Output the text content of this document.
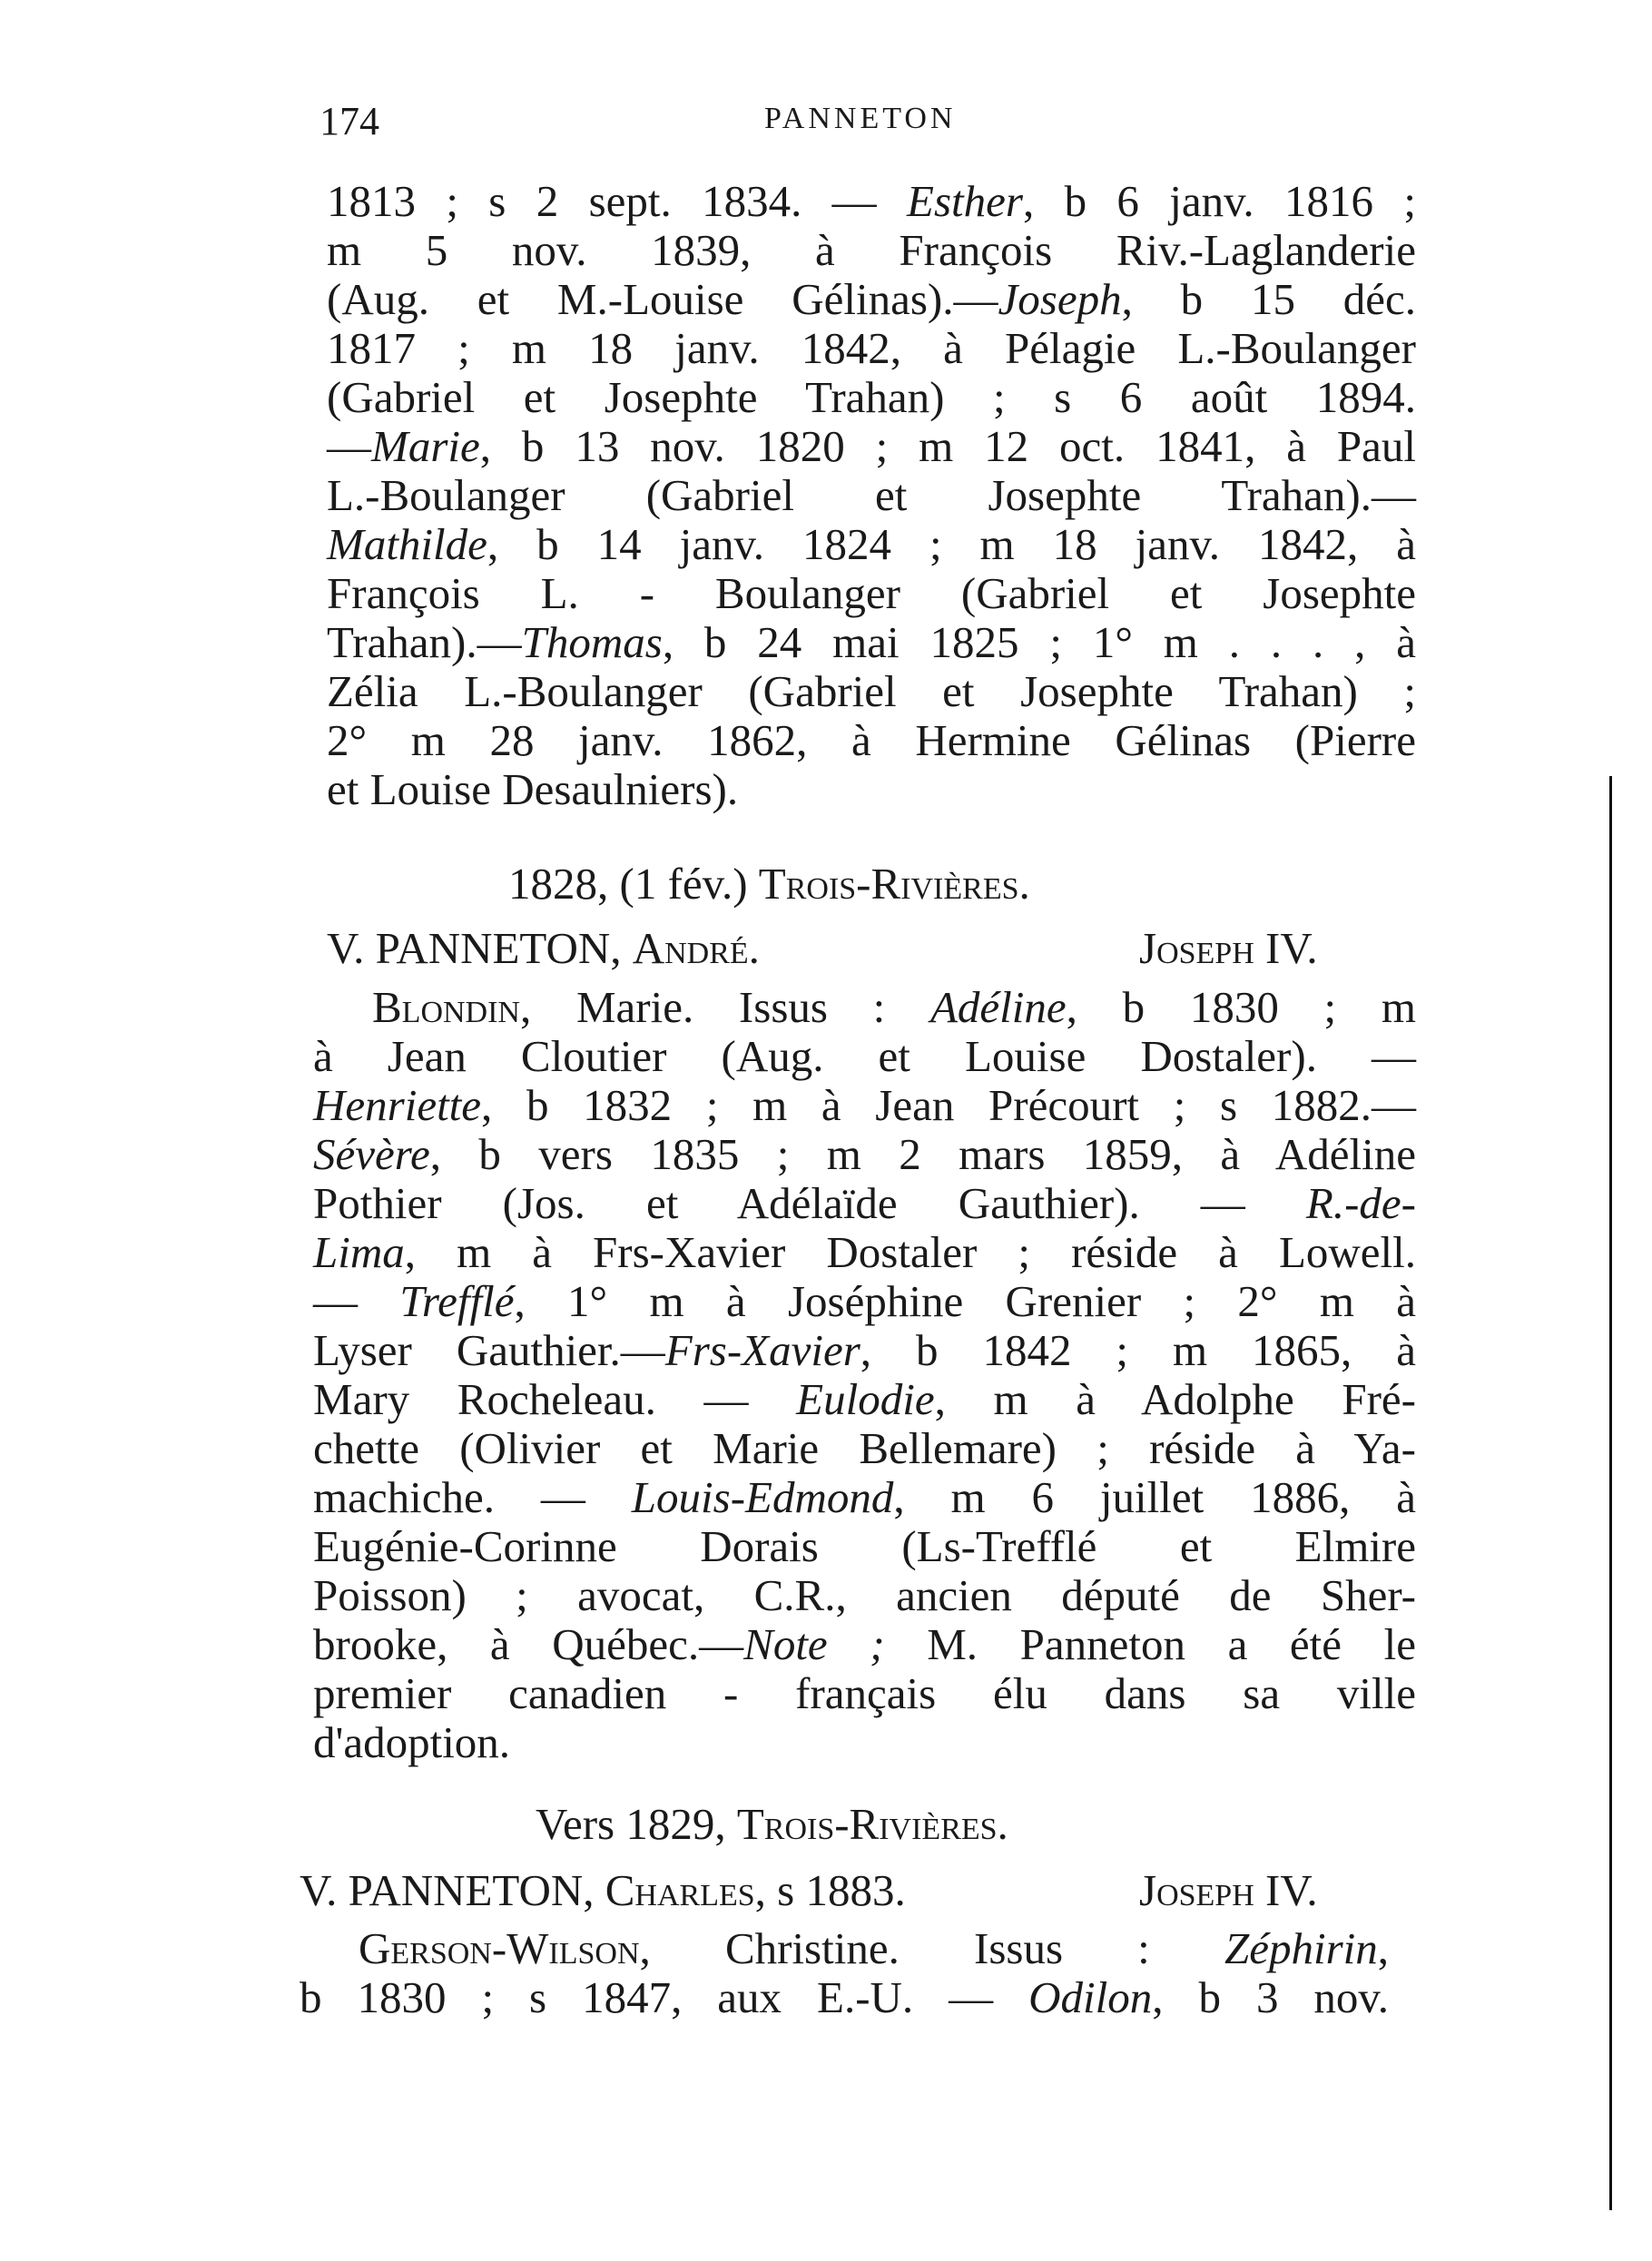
174	PANNETON
1813 ; s 2 sept. 1834. — Esther, b 6 janv. 1816 ;
m 5 nov. 1839, à François Riv.-Laglanderie
(Aug. et M.-Louise Gélinas).—Joseph, b 15 déc.
1817 ; m 18 janv. 1842, à Pélagie L.-Boulanger
(Gabriel et Josephte Trahan) ; s 6 août 1894.
—Marie, b 13 nov. 1820 ; m 12 oct. 1841, à Paul
L.-Boulanger (Gabriel et Josephte Trahan).—
Mathilde, b 14 janv. 1824 ; m 18 janv. 1842, à
François L. - Boulanger (Gabriel et Josephte
Trahan).—Thomas, b 24 mai 1825 ; 1° m . . . , à
Zélia L.-Boulanger (Gabriel et Josephte Trahan) ;
2° m 28 janv. 1862, à Hermine Gélinas (Pierre
et Louise Desaulniers).
1828, (1 fév.) Trois-Rivières.
V. PANNETON, André.	Joseph IV.
Blondin, Marie. Issus : Adéline, b 1830 ; m
à Jean Cloutier (Aug. et Louise Dostaler). —
Henriette, b 1832 ; m à Jean Précourt ; s 1882.—
Sévère, b vers 1835 ; m 2 mars 1859, à Adéline
Pothier (Jos. et Adélaïde Gauthier). — R.-de-
Lima, m à Frs-Xavier Dostaler ; réside à Lowell.
— Trefflé, 1° m à Joséphine Grenier ; 2° m à
Lyser Gauthier.—Frs-Xavier, b 1842 ; m 1865, à
Mary Rocheleau. — Eulodie, m à Adolphe Fré-
chette (Olivier et Marie Bellemare) ; réside à Ya-
machiche. — Louis-Edmond, m 6 juillet 1886, à
Eugénie-Corinne Dorais (Ls-Trefflé et Elmire
Poisson) ; avocat, C.R., ancien député de Sher-
brooke, à Québec.—Note ; M. Panneton a été le
premier canadien - français élu dans sa ville
d'adoption.
Vers 1829, Trois-Rivières.
V. PANNETON, Charles, s 1883.	Joseph IV.
Gerson-Wilson, Christine. Issus : Zéphirin,
b 1830 ; s 1847, aux E.-U. — Odilon, b 3 nov.
